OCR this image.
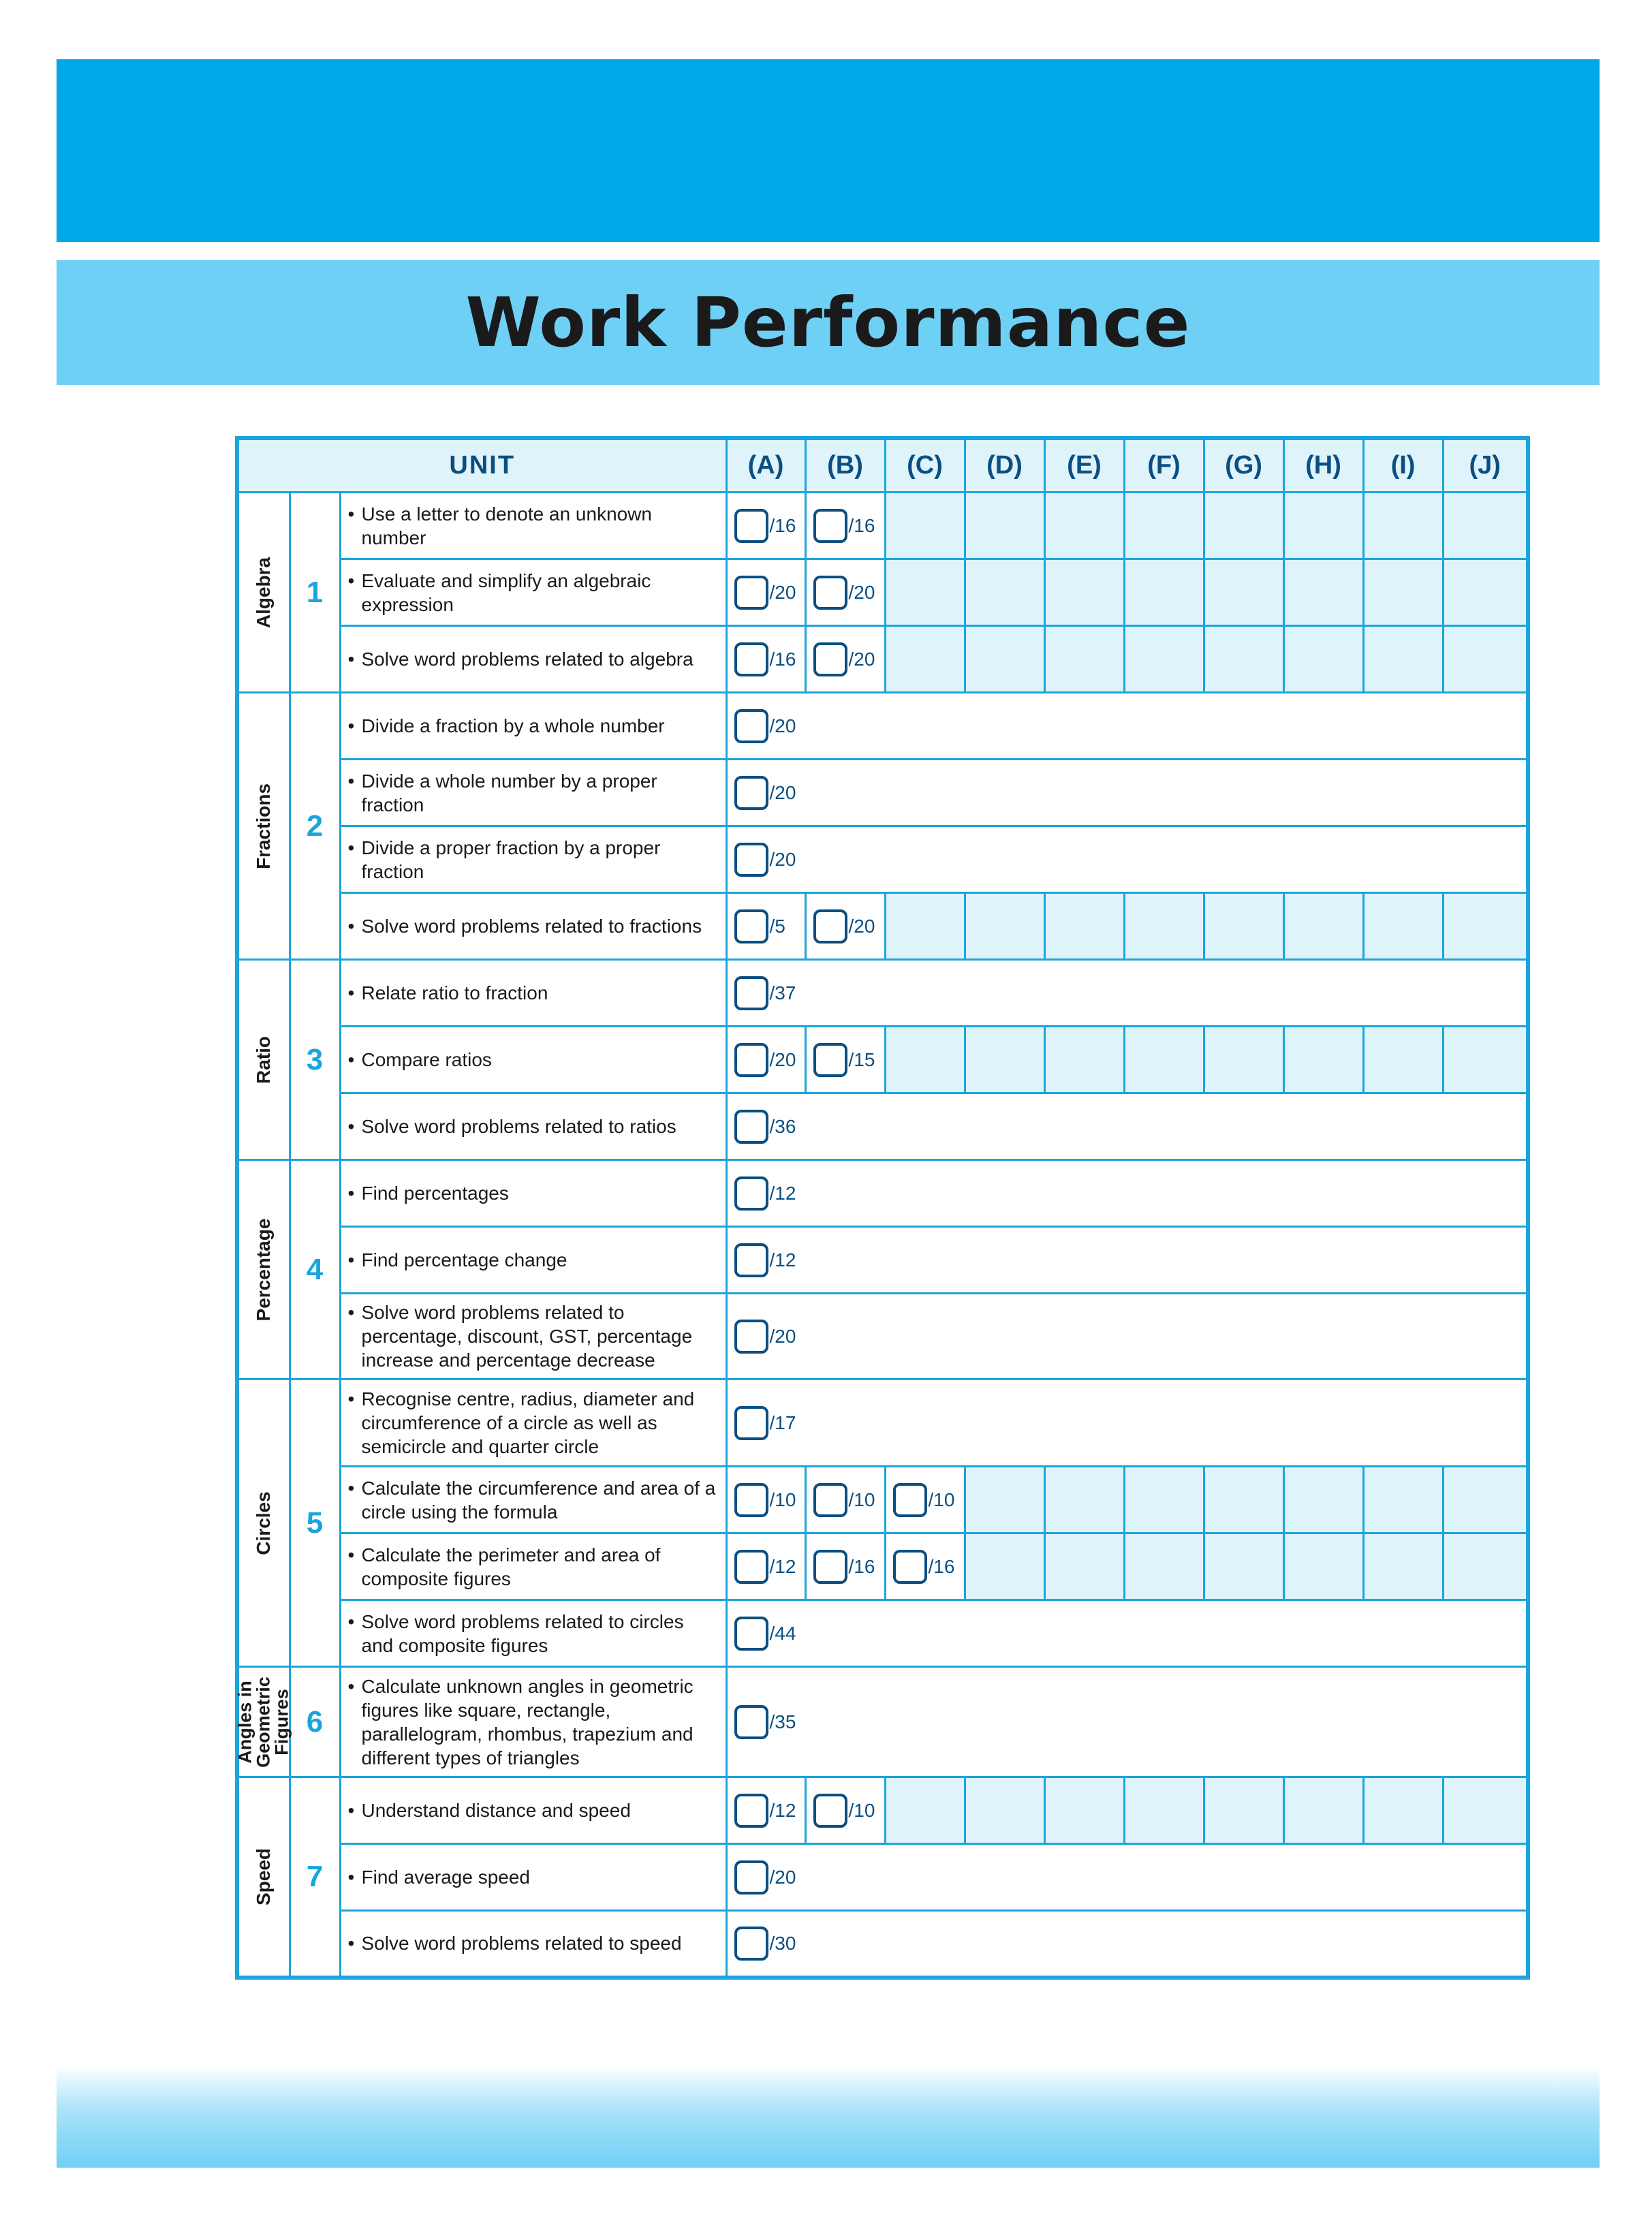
Work Performance
UNIT			(A)	(B)	(C)	(D)	(E)	(F)	(G)	(H)	(I)	(J)

Algebra	1	• Use a letter to denote an unknown number	/16	/16								

		• Evaluate and simplify an algebraic expression	/20	/20								

		• Solve word problems related to algebra	/16	/20								

Fractions	2	• Divide a fraction by a whole number	/20									

		• Divide a whole number by a proper fraction	/20									

		• Divide a proper fraction by a proper fraction	/20									

		• Solve word problems related to fractions	/5	/20								

Ratio	3	• Relate ratio to fraction	/37									

		• Compare ratios	/20	/15								

		• Solve word problems related to ratios	/36									

Percentage	4	• Find percentages	/12									

		• Find percentage change	/12									

		• Solve word problems related to percentage, discount, GST, percentage increase and percentage decrease	/20									

Circles	5	• Recognise centre, radius, diameter and circumference of a circle as well as semicircle and quarter circle	/17									

		• Calculate the circumference and area of a circle using the formula	/10	/10	/10							

		• Calculate the perimeter and area of composite figures	/12	/16	/16							

		• Solve word problems related to circles and composite figures	/44									

Angles in Geometric Figures	6	• Calculate unknown angles in geometric figures like square, rectangle, parallelogram, rhombus, trapezium and different types of triangles	/35									

Speed	7	• Understand distance and speed	/12	/10								

		• Find average speed	/20									

		• Solve word problems related to speed	/30									
